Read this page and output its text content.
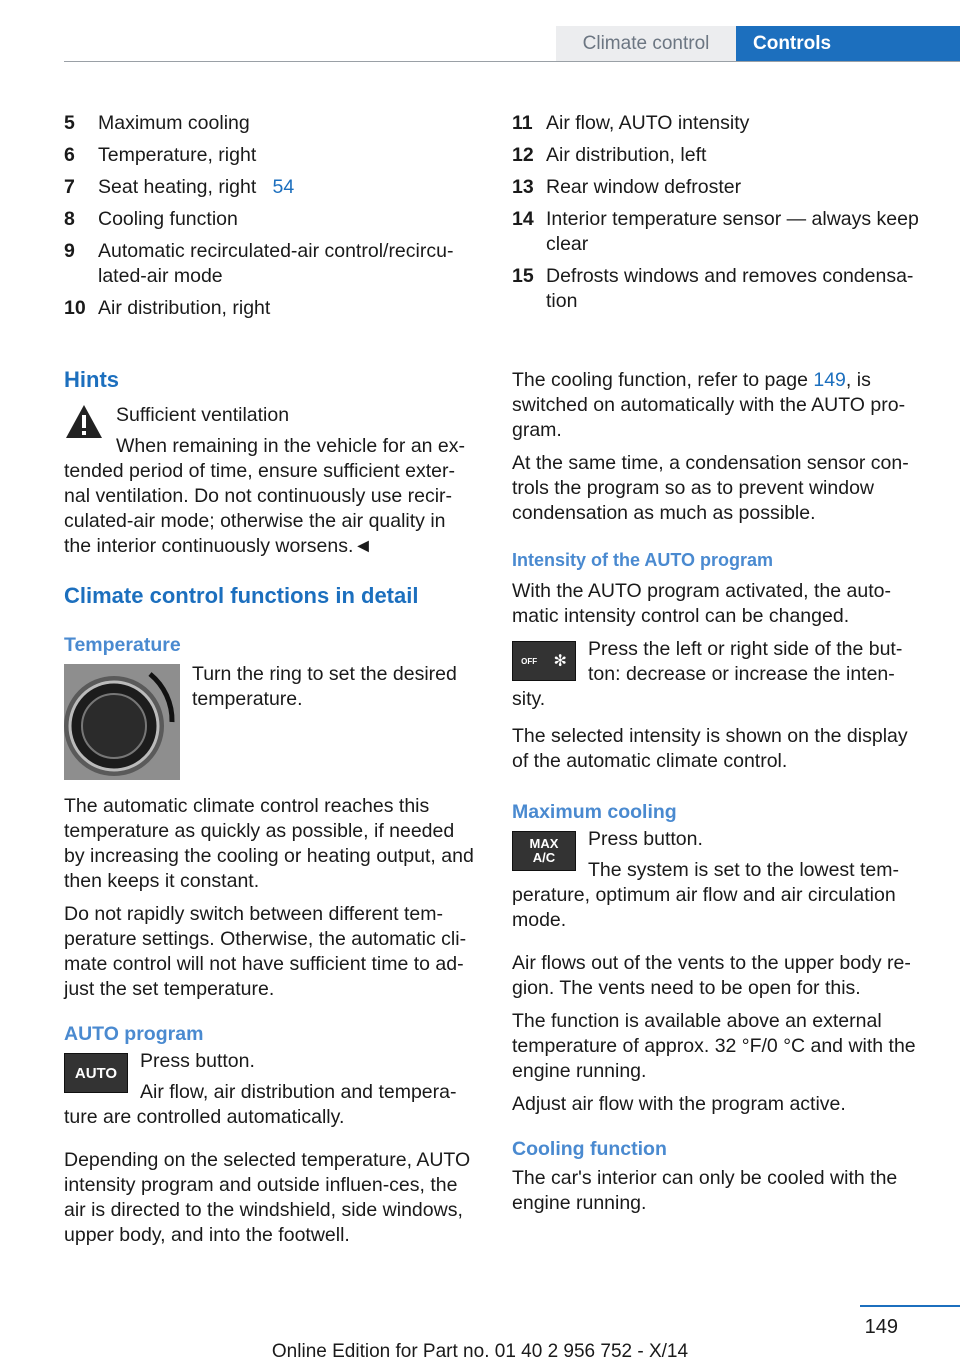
Climate control	Controls
5	Maximum cooling
6	Temperature, right
7	Seat heating, right 54
8	Cooling function
9	Automatic recirculated-air control/recircu-lated-air mode
10 Air distribution, right
11 Air flow, AUTO intensity
12 Air distribution, left
13 Rear window defroster
14 Interior temperature sensor — always keep clear
15 Defrosts windows and removes condensa-tion
Hints

Sufficient ventilation

When remaining in the vehicle for an ex-tended period of time, ensure sufficient exter-nal ventilation. Do not continuously use recir-culated-air mode; otherwise the air quality in the interior continuously worsens.◄

Climate control functions in detail
Temperature

Turn the ring to set the desired temperature.

The automatic climate control reaches this temperature as quickly as possible, if needed by increasing the cooling or heating output, and then keeps it constant.

Do not rapidly switch between different tem-perature settings. Otherwise, the automatic cli-mate control will not have sufficient time to ad-just the set temperature.

AUTO program
AUTO

Press button.

Air flow, air distribution and tempera-ture are controlled automatically.

Depending on the selected temperature, AUTO intensity program and outside influen-ces, the air is directed to the windshield, side windows, upper body, and into the footwell.

The cooling function, refer to page 149, is switched on automatically with the AUTO pro-gram.

At the same time, a condensation sensor con-trols the program so as to prevent window condensation as much as possible.

Intensity of the AUTO program

With the AUTO program activated, the auto-matic intensity control can be changed.

OFF ✻

Press the left or right side of the but-ton: decrease or increase the inten-sity.

The selected intensity is shown on the display of the automatic climate control.

Maximum cooling
MAX
A/C

Press button.

The system is set to the lowest tem-perature, optimum air flow and air circulation mode.

Air flows out of the vents to the upper body re-gion. The vents need to be open for this.

The function is available above an external temperature of approx. 32 °F/0 °C and with the engine running.

Adjust air flow with the program active.

Cooling function

The car's interior can only be cooled with the engine running.

149
Online Edition for Part no. 01 40 2 956 752 - X/14
